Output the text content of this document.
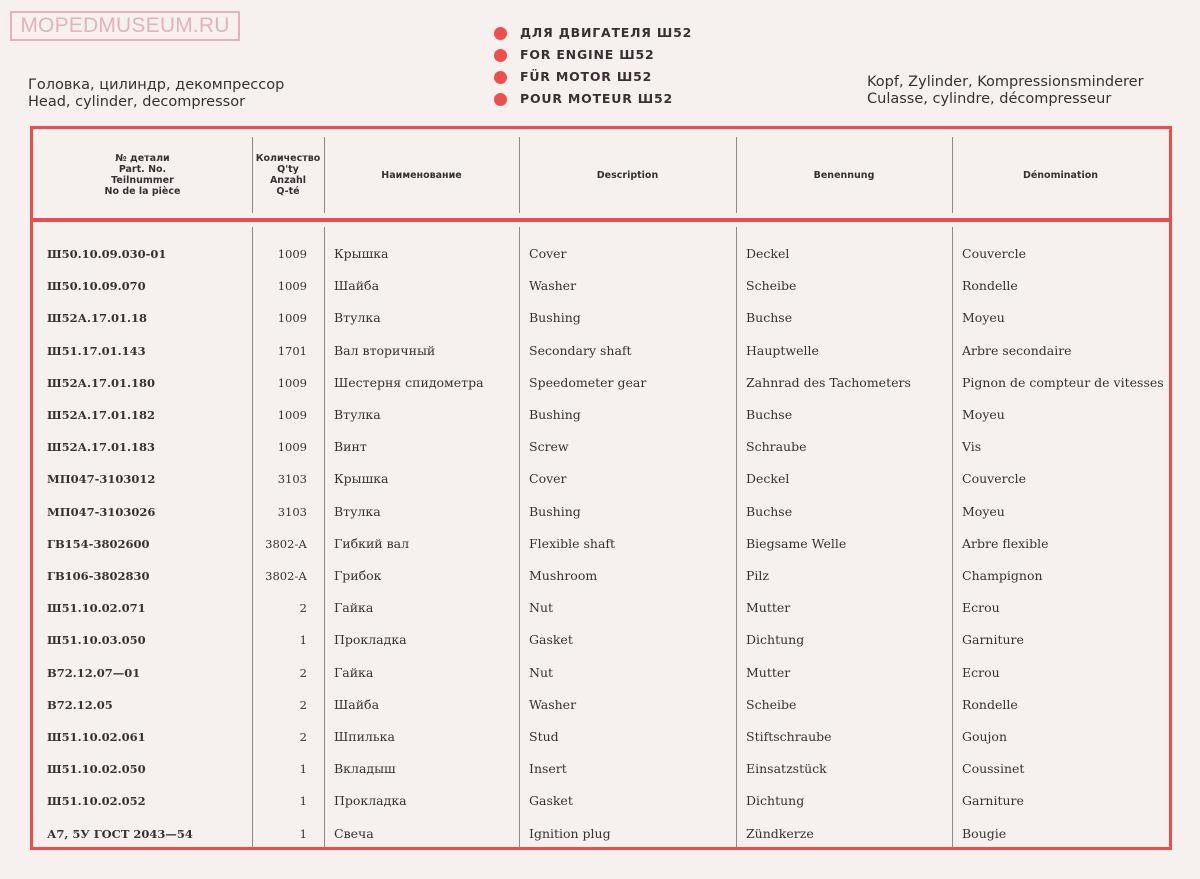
MOPEDMUSEUM.RU
Головка, цилиндр, декомпрессор
Head, cylinder, decompressor
ДЛЯ ДВИГАТЕЛЯ Ш52
FOR ENGINE Ш52
FÜR MOTOR Ш52
POUR MOTEUR Ш52
Kopf, Zylinder, Kompressionsminderer
Culasse, cylindre, décompresseur
№ детали
Part. No.
Teilnummer
No de la pièce
Количество
Q'ty
Anzahl
Q-té
Наименование	Description	Benennung	Dénomination
Ш50.10.09.030-01	1009 Крышка	Cover	Deckel	Couvercle
Ш50.10.09.070	1009 Шайба	Washer	Scheibe	Rondelle
Ш52А.17.01.18	1009 Втулка	Bushing	Buchse	Moyeu
Ш51.17.01.143	1701 Вал вторичный	Secondary shaft	Hauptwelle	Arbre secondaire
Ш52А.17.01.180	1009 Шестерня спидометра	Speedometer gear	Zahnrad des Tachometers	Pignon de compteur de vitesses
Ш52А.17.01.182	1009 Втулка	Bushing	Buchse	Moyeu
Ш52А.17.01.183	1009 Винт	Screw	Schraube	Vis
МП047-3103012	3103 Крышка	Cover	Deckel	Couvercle
МП047-3103026	3103 Втулка	Bushing	Buchse	Moyeu
ГВ154-3802600	3802-А Гибкий вал	Flexible shaft	Biegsame Welle	Arbre flexible
ГВ106-3802830	3802-А Грибок	Mushroom	Pilz	Champignon
Ш51.10.02.071	2 Гайка	Nut	Mutter	Ecrou
Ш51.10.03.050	1 Прокладка	Gasket	Dichtung	Garniture
В72.12.07—01	2 Гайка	Nut	Mutter	Ecrou
В72.12.05	2 Шайба	Washer	Scheibe	Rondelle
Ш51.10.02.061	2 Шпилька	Stud	Stiftschraube	Goujon
Ш51.10.02.050	1 Вкладыш	Insert	Einsatzstück	Coussinet
Ш51.10.02.052	1 Прокладка	Gasket	Dichtung	Garniture
А7, 5У ГОСТ 2043—54	1 Свеча	Ignition plug	Zündkerze	Bougie
